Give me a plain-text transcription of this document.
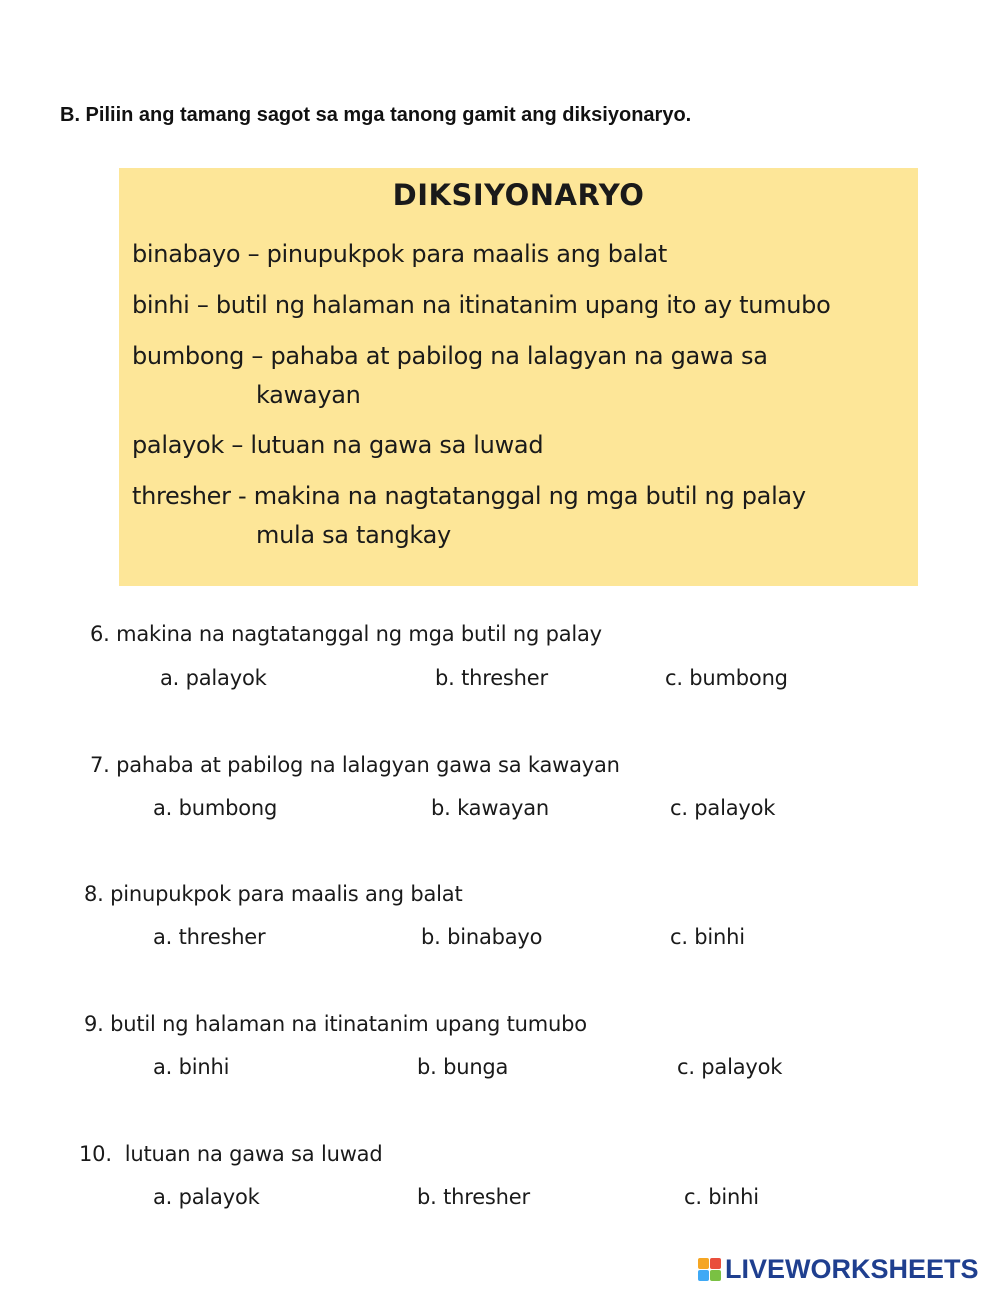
B. Piliin ang tamang sagot sa mga tanong gamit ang diksiyonaryo.
DIKSIYONARYO
binabayo – pinupukpok para maalis ang balat
binhi – butil ng halaman na itinatanim upang ito ay tumubo
bumbong – pahaba at pabilog na lalagyan na gawa sa
kawayan
palayok – lutuan na gawa sa luwad
thresher - makina na nagtatanggal ng mga butil ng palay
mula sa tangkay
6. makina na nagtatanggal ng mga butil ng palay
a. palayok	b. thresher	c. bumbong
7. pahaba at pabilog na lalagyan gawa sa kawayan
a. bumbong	b. kawayan	c. palayok
8. pinupukpok para maalis ang balat
a. thresher	b. binabayo	c. binhi
9. butil ng halaman na itinatanim upang tumubo
a. binhi	b. bunga	c. palayok
10.  lutuan na gawa sa luwad
a. palayok	b. thresher	c. binhi
LIVEWORKSHEETS
